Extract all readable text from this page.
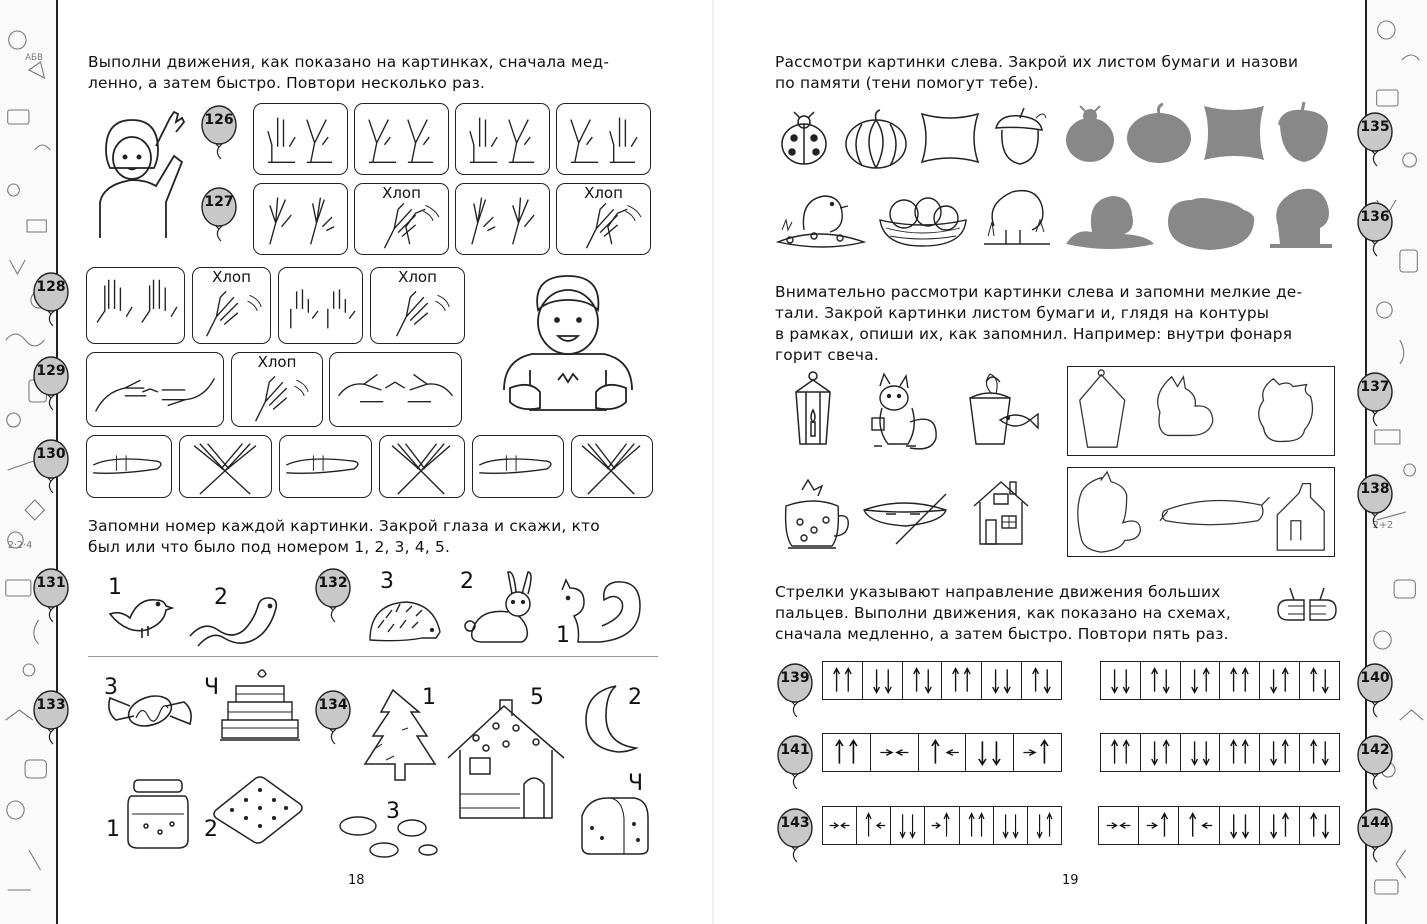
2·2·4
АБВ
2+2
Выполни движения, как показано на картинках, сначала мед-
ленно, а затем быстро. Повтори несколько раз.
126
127	Хлоп	Хлоп
128
Хлоп	Хлоп
129	Хлоп
130
Запомни номер каждой картинки. Закрой глаза и скажи, кто
был или что было под номером 1, 2, 3, 4, 5.
131 1	2
132 3	2
1
133
3	Ч
134	1	5	2
1	2
3
Ч
18
Рассмотри картинки слева. Закрой их листом бумаги и назови
по памяти (тени помогут тебе).
135
136
Внимательно рассмотри картинки слева и запомни мелкие де-
тали. Закрой картинки листом бумаги и, глядя на контуры
в рамках, опиши их, как запомнил. Например: внутри фонаря
горит свеча.
137
138
Стрелки указывают направление движения больших
пальцев. Выполни движения, как показано на схемах,
сначала медленно, а затем быстро. Повтори пять раз.
139	140
141	142
143	144
19
